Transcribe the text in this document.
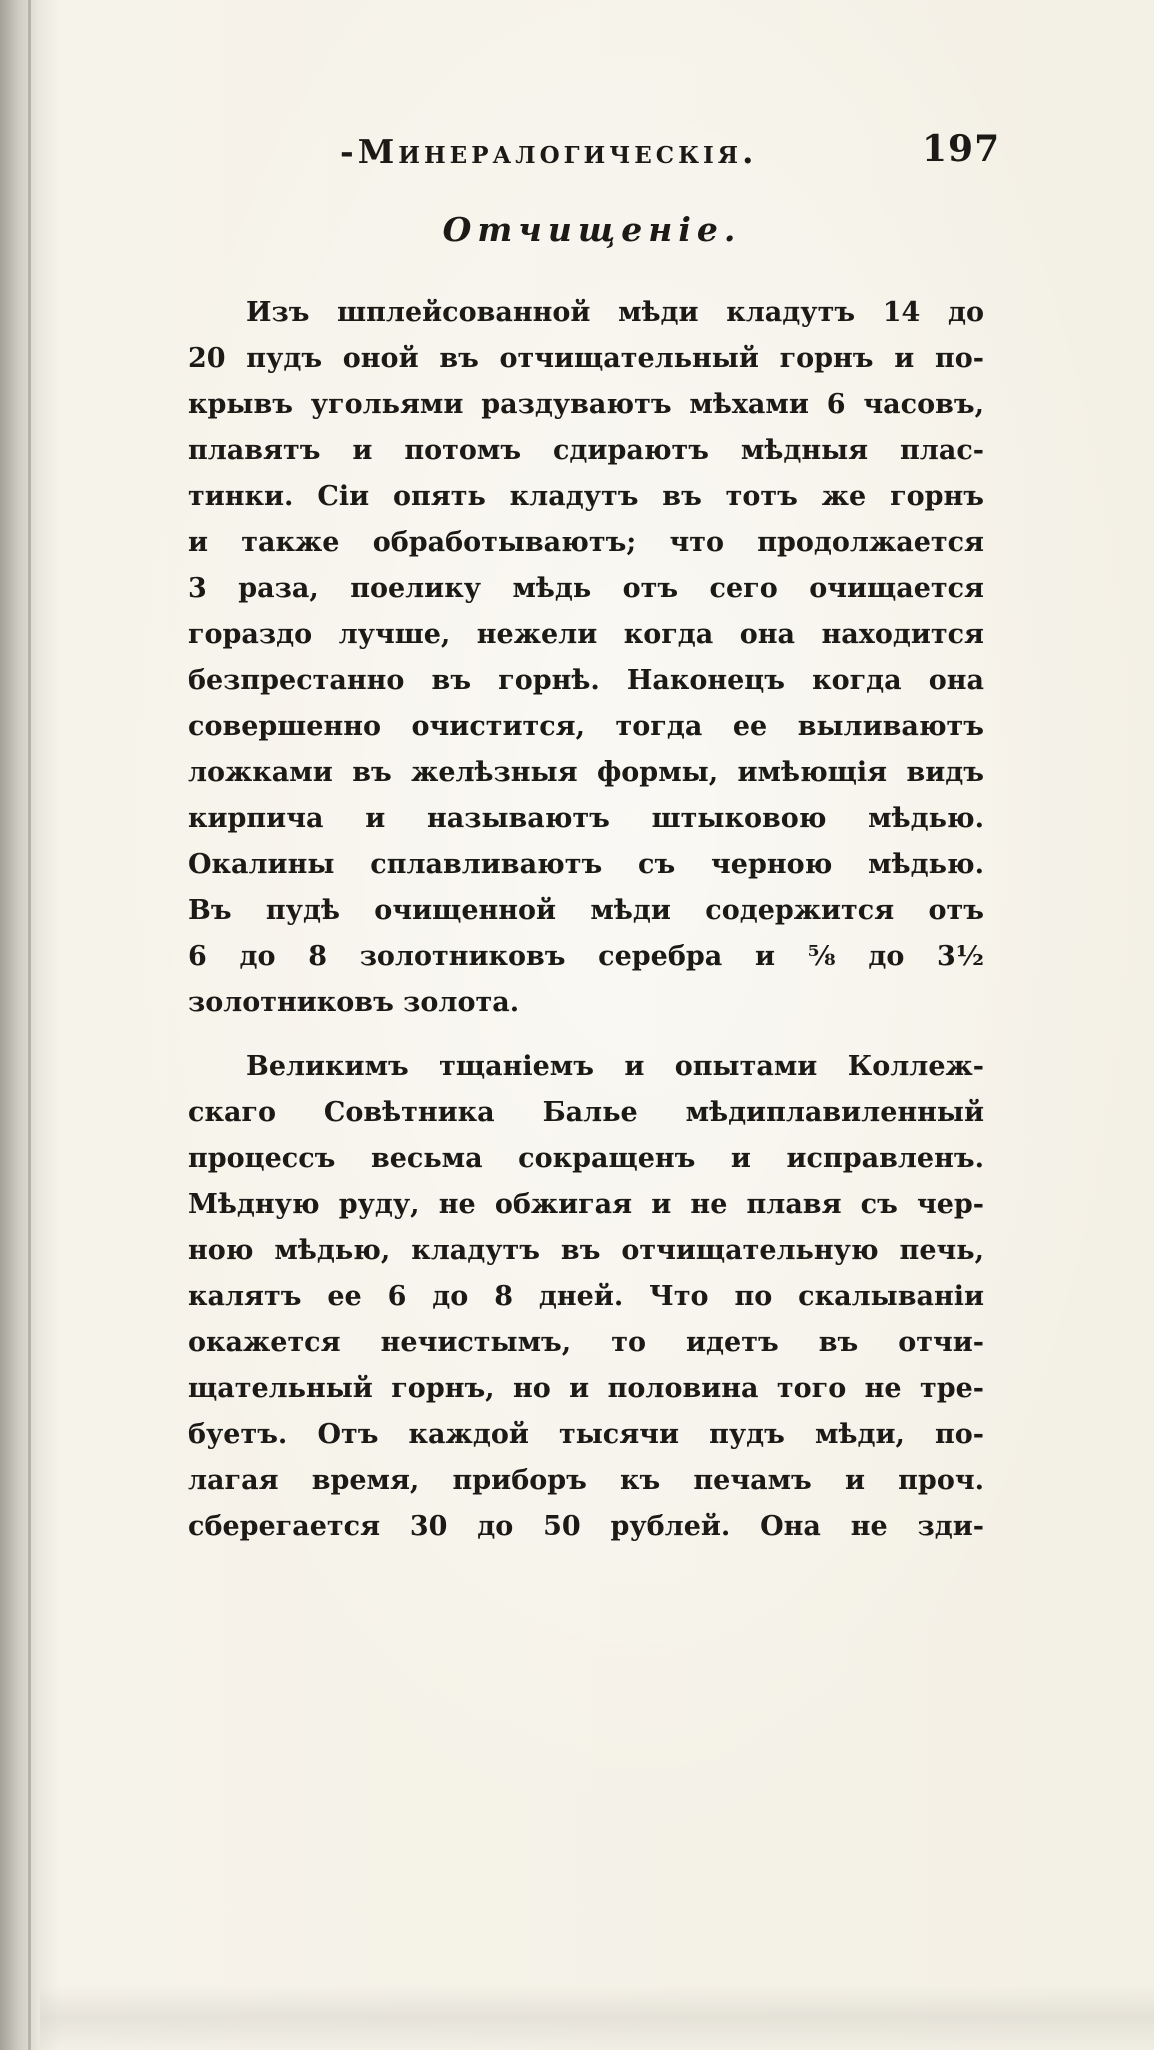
-Минералогическія.	197
Отчищеніе.
Изъ шплейсованной мѣди кладутъ 14 до
20 пудъ оной въ отчищательный горнъ и по-
крывъ угольями раздуваютъ мѣхами 6 часовъ,
плавятъ и потомъ сдираютъ мѣдныя плас-
тинки. Сіи опять кладутъ въ тотъ же горнъ
и также обработываютъ; что продолжается
3 раза, поелику мѣдь отъ сего очищается
гораздо лучше, нежели когда она находится
безпрестанно въ горнѣ. Наконецъ когда она
совершенно очистится, тогда ее выливаютъ
ложками въ желѣзныя формы, имѣющія видъ
кирпича и называютъ штыковою мѣдью.
Окалины сплавливаютъ съ черною мѣдью.
Въ пудѣ очищенной мѣди содержится отъ
6 до 8 золотниковъ серебра и ⅝ до 3½
золотниковъ золота.
Великимъ тщаніемъ и опытами Коллеж-
скаго Совѣтника Балье мѣдиплавиленный
процессъ весьма сокращенъ и исправленъ.
Мѣдную руду, не обжигая и не плавя съ чер-
ною мѣдью, кладутъ въ отчищательную печь,
калятъ ее 6 до 8 дней. Что по скалываніи
окажется нечистымъ, то идетъ въ отчи-
щательный горнъ, но и половина того не тре-
буетъ. Отъ каждой тысячи пудъ мѣди, по-
лагая время, приборъ къ печамъ и проч.
сберегается 30 до 50 рублей. Она не зди-
